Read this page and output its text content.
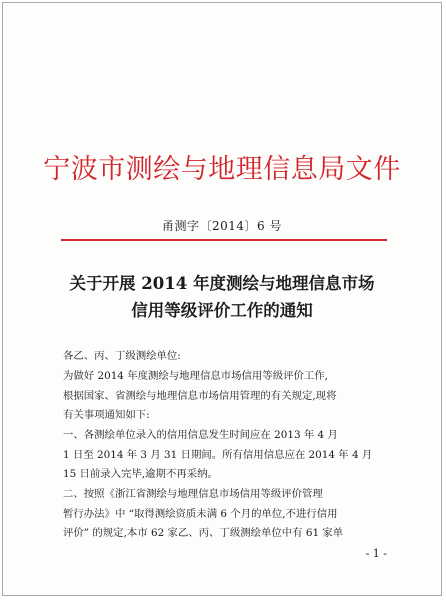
宁波市测绘与地理信息局文件
甬测字〔2014〕6 号
关于开展 2014 年度测绘与地理信息市场
信用等级评价工作的通知
各乙、丙、丁级测绘单位:
为做好 2014 年度测绘与地理信息市场信用等级评价工作,
根据国家、省测绘与地理信息市场信用管理的有关规定,现将
有关事项通知如下:
一、各测绘单位录入的信用信息发生时间应在 2013 年 4 月
1 日至 2014 年 3 月 31 日期间。所有信用信息应在 2014 年 4 月
15 日前录入完毕,逾期不再采纳。
二、按照《浙江省测绘与地理信息市场信用等级评价管理
暂行办法》中 “取得测绘资质未满 6 个月的单位,不进行信用
评价” 的规定,本市 62 家乙、丙、丁级测绘单位中有 61 家单
- 1 -
